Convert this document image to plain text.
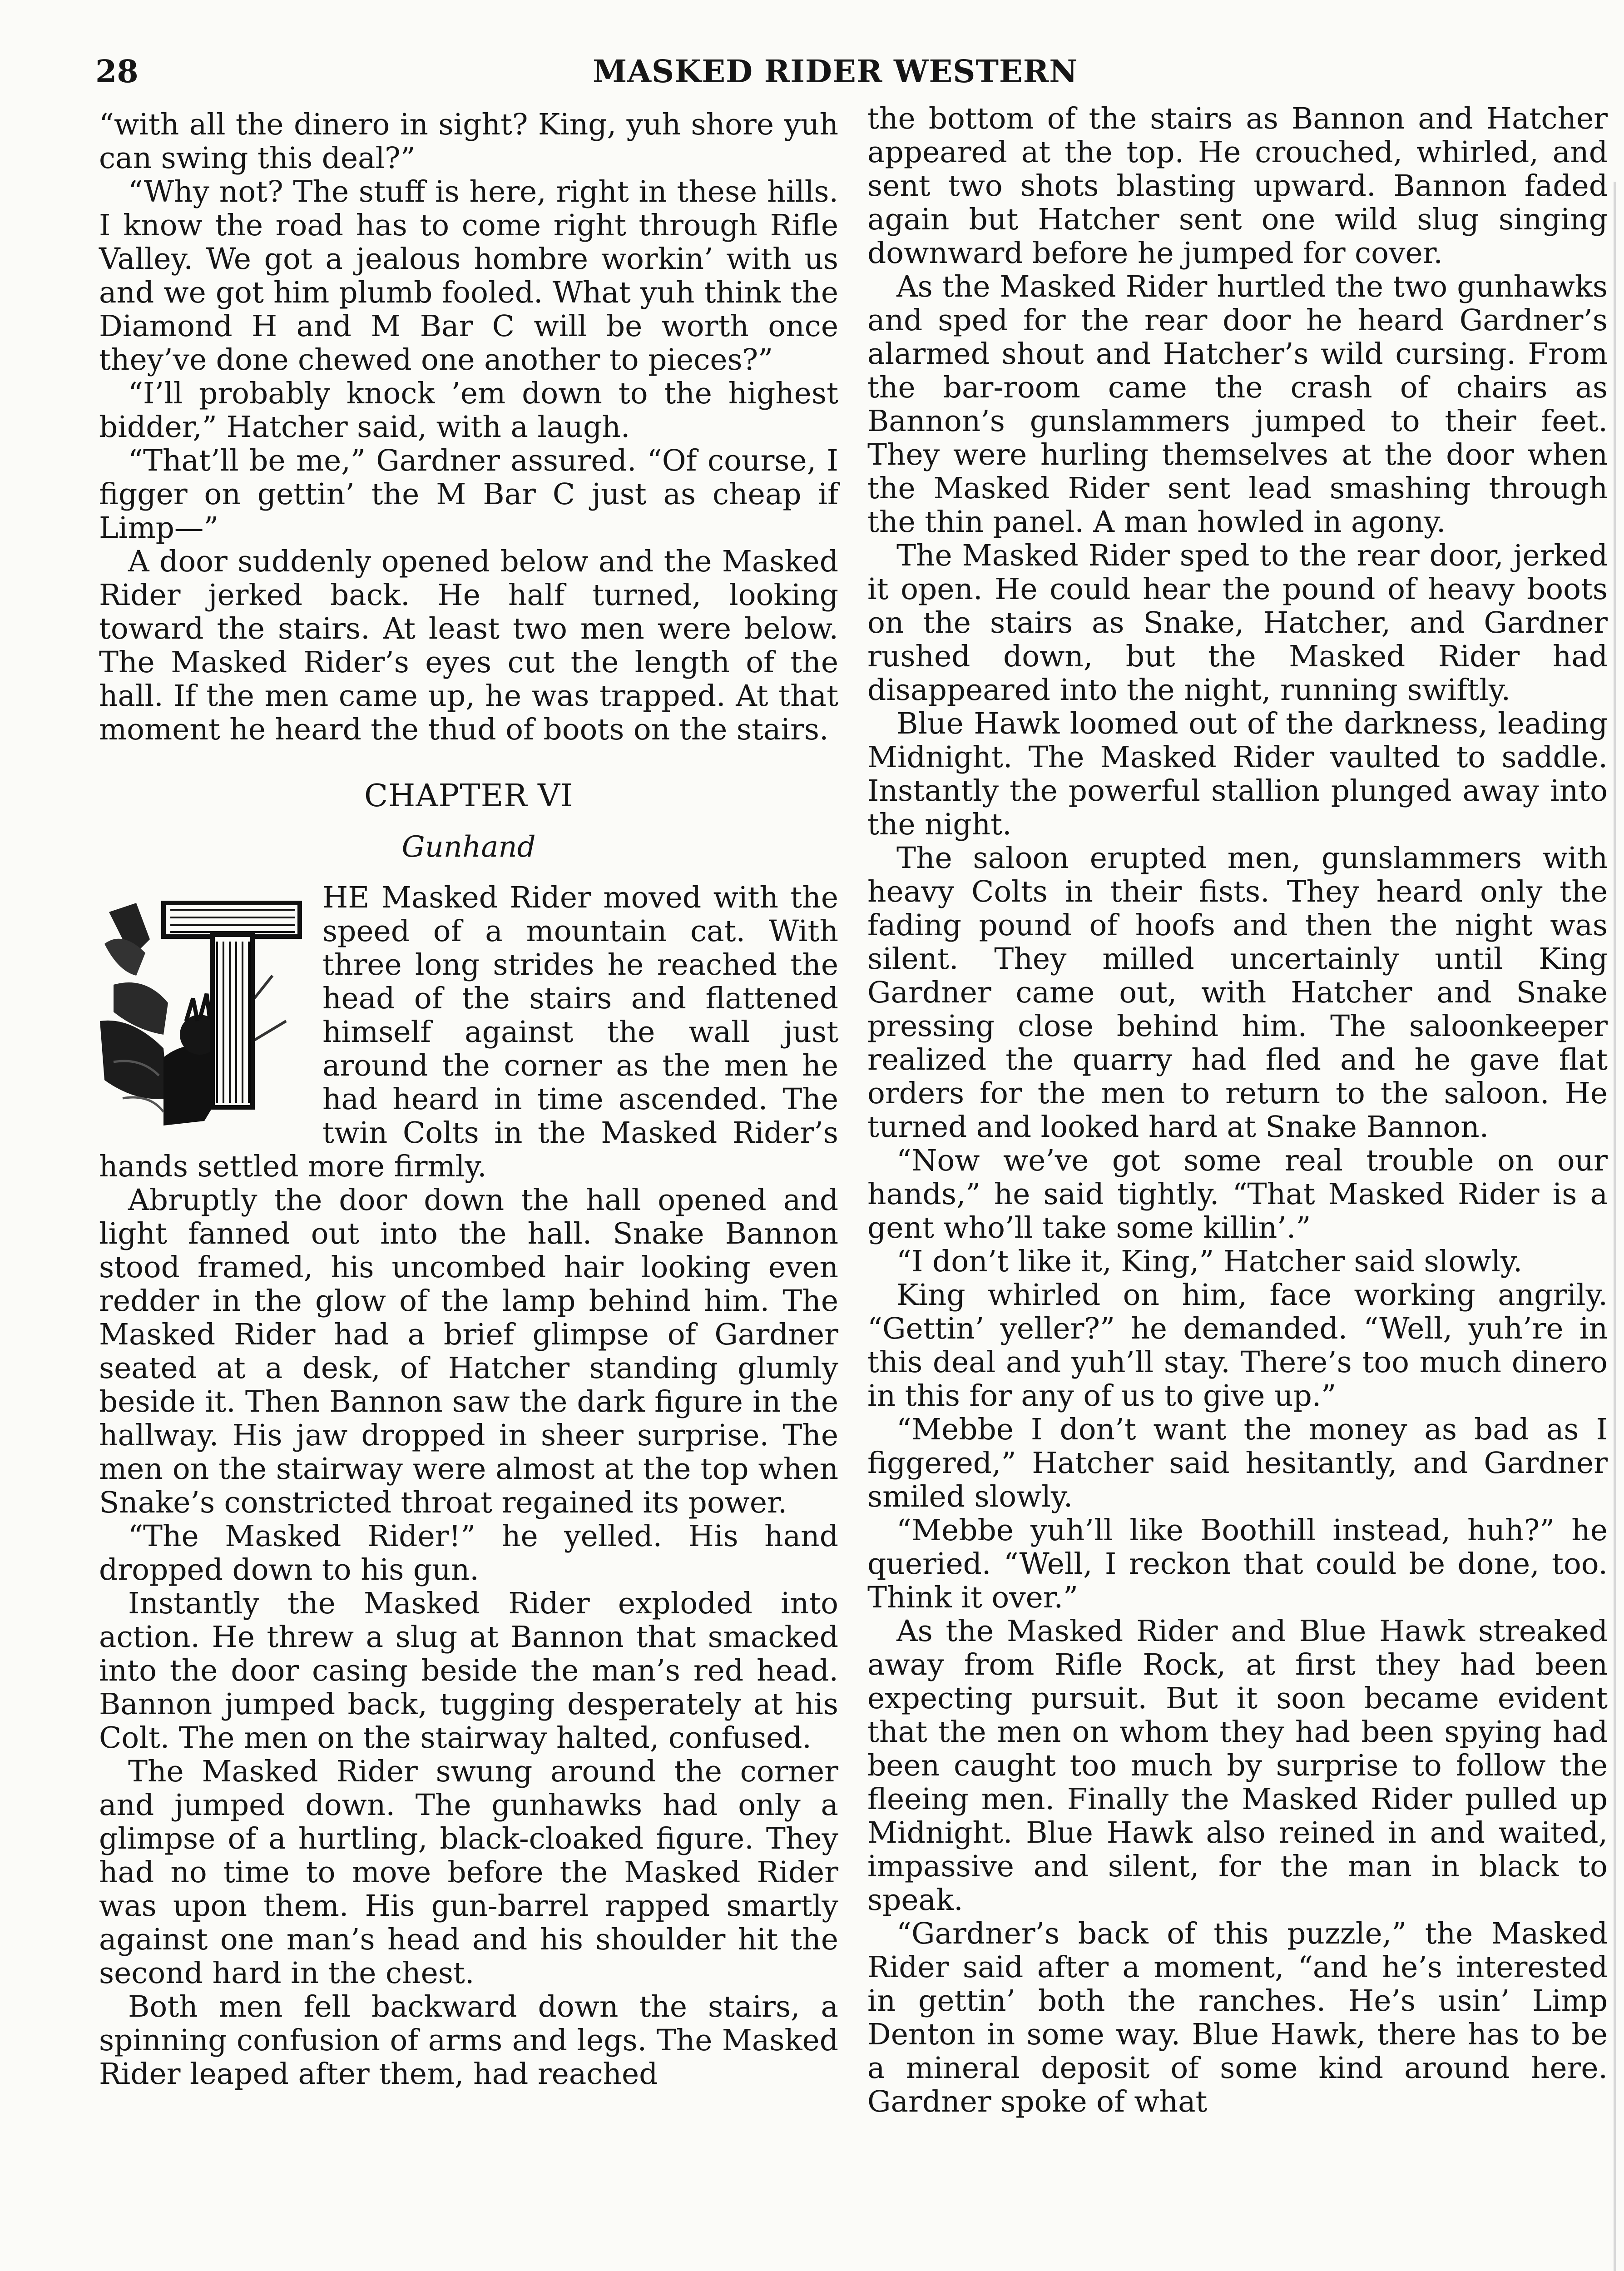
28	MASKED RIDER WESTERN

“with all the dinero in sight? King, yuh shore yuh can swing this deal?”

“Why not? The stuff is here, right in these hills. I know the road has to come right through Rifle Valley. We got a jealous hombre workin’ with us and we got him plumb fooled. What yuh think the Diamond H and M Bar C will be worth once they’ve done chewed one another to pieces?”

“I’ll probably knock ’em down to the highest bidder,” Hatcher said, with a laugh.

“That’ll be me,” Gardner assured. “Of course, I figger on gettin’ the M Bar C just as cheap if Limp—”

A door suddenly opened below and the Masked Rider jerked back. He half turned, looking toward the stairs. At least two men were below. The Masked Rider’s eyes cut the length of the hall. If the men came up, he was trapped. At that moment he heard the thud of boots on the stairs.

CHAPTER VI
Gunhand

HE Masked Rider moved with the speed of a mountain cat. With three long strides he reached the head of the stairs and flattened himself against the wall just around the corner as the men he had heard in time ascended. The twin Colts in the Masked Rider’s hands settled more firmly.

Abruptly the door down the hall opened and light fanned out into the hall. Snake Bannon stood framed, his uncombed hair looking even redder in the glow of the lamp behind him. The Masked Rider had a brief glimpse of Gardner seated at a desk, of Hatcher standing glumly beside it. Then Bannon saw the dark figure in the hallway. His jaw dropped in sheer surprise. The men on the stairway were almost at the top when Snake’s constricted throat regained its power.

“The Masked Rider!” he yelled. His hand dropped down to his gun.

Instantly the Masked Rider exploded into action. He threw a slug at Bannon that smacked into the door casing beside the man’s red head. Bannon jumped back, tugging desperately at his Colt. The men on the stairway halted, confused.

The Masked Rider swung around the corner and jumped down. The gunhawks had only a glimpse of a hurtling, black-cloaked figure. They had no time to move before the Masked Rider was upon them. His gun-barrel rapped smartly against one man’s head and his shoulder hit the second hard in the chest.

Both men fell backward down the stairs, a spinning confusion of arms and legs. The Masked Rider leaped after them, had reached

the bottom of the stairs as Bannon and Hatcher appeared at the top. He crouched, whirled, and sent two shots blasting upward. Bannon faded again but Hatcher sent one wild slug singing downward before he jumped for cover.

As the Masked Rider hurtled the two gunhawks and sped for the rear door he heard Gardner’s alarmed shout and Hatcher’s wild cursing. From the bar-room came the crash of chairs as Bannon’s gunslammers jumped to their feet. They were hurling themselves at the door when the Masked Rider sent lead smashing through the thin panel. A man howled in agony.

The Masked Rider sped to the rear door, jerked it open. He could hear the pound of heavy boots on the stairs as Snake, Hatcher, and Gardner rushed down, but the Masked Rider had disappeared into the night, running swiftly.

Blue Hawk loomed out of the darkness, leading Midnight. The Masked Rider vaulted to saddle. Instantly the powerful stallion plunged away into the night.

The saloon erupted men, gunslammers with heavy Colts in their fists. They heard only the fading pound of hoofs and then the night was silent. They milled uncertainly until King Gardner came out, with Hatcher and Snake pressing close behind him. The saloonkeeper realized the quarry had fled and he gave flat orders for the men to return to the saloon. He turned and looked hard at Snake Bannon.

“Now we’ve got some real trouble on our hands,” he said tightly. “That Masked Rider is a gent who’ll take some killin’.”

“I don’t like it, King,” Hatcher said slowly.

King whirled on him, face working angrily. “Gettin’ yeller?” he demanded. “Well, yuh’re in this deal and yuh’ll stay. There’s too much dinero in this for any of us to give up.”

“Mebbe I don’t want the money as bad as I figgered,” Hatcher said hesitantly, and Gardner smiled slowly.

“Mebbe yuh’ll like Boothill instead, huh?” he queried. “Well, I reckon that could be done, too. Think it over.”

As the Masked Rider and Blue Hawk streaked away from Rifle Rock, at first they had been expecting pursuit. But it soon became evident that the men on whom they had been spying had been caught too much by surprise to follow the fleeing men. Finally the Masked Rider pulled up Midnight. Blue Hawk also reined in and waited, impassive and silent, for the man in black to speak.

“Gardner’s back of this puzzle,” the Masked Rider said after a moment, “and he’s interested in gettin’ both the ranches. He’s usin’ Limp Denton in some way. Blue Hawk, there has to be a mineral deposit of some kind around here. Gardner spoke of what
